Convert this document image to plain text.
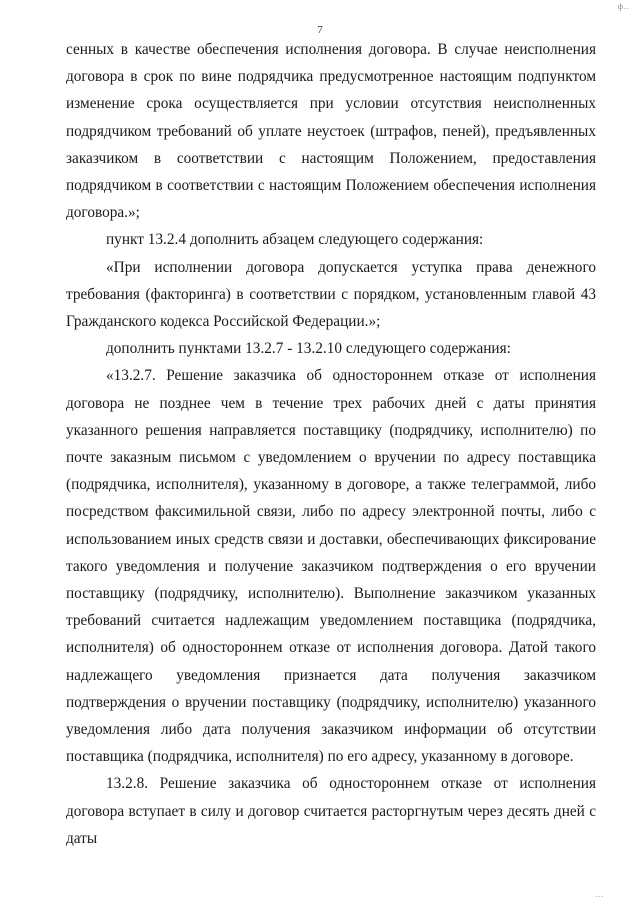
ф..
7

сенных в качестве обеспечения исполнения договора. В случае неисполнения договора в срок по вине подрядчика предусмотренное настоящим подпунктом изменение срока осуществляется при условии отсутствия неисполненных подрядчиком требований об уплате неустоек (штрафов, пеней), предъявленных заказчиком в соответствии с настоящим Положением, предоставления подрядчиком в соответствии с настоящим Положением обеспечения исполнения договора.»;

пункт 13.2.4 дополнить абзацем следующего содержания:

«При исполнении договора допускается уступка права денежного требования (факторинга) в соответствии с порядком, установленным главой 43 Гражданского кодекса Российской Федерации.»;

дополнить пунктами 13.2.7 - 13.2.10 следующего содержания:

«13.2.7. Решение заказчика об одностороннем отказе от исполнения договора не позднее чем в течение трех рабочих дней с даты принятия указанного решения направляется поставщику (подрядчику, исполнителю) по почте заказным письмом с уведомлением о вручении по адресу поставщика (подрядчика, исполнителя), указанному в договоре, а также телеграммой, либо посредством факсимильной связи, либо по адресу электронной почты, либо с использованием иных средств связи и доставки, обеспечивающих фиксирование такого уведомления и получение заказчиком подтверждения о его вручении поставщику (подрядчику, исполнителю). Выполнение заказчиком указанных требований считается надлежащим уведомлением поставщика (подрядчика, исполнителя) об одностороннем отказе от исполнения договора. Датой такого надлежащего уведомления признается дата получения заказчиком подтверждения о вручении поставщику (подрядчику, исполнителю) указанного уведомления либо дата получения заказчиком информации об отсутствии поставщика (подрядчика, исполнителя) по его адресу, указанному в договоре.

13.2.8. Решение заказчика об одностороннем отказе от исполнения договора вступает в силу и договор считается расторгнутым через десять дней с даты

...
